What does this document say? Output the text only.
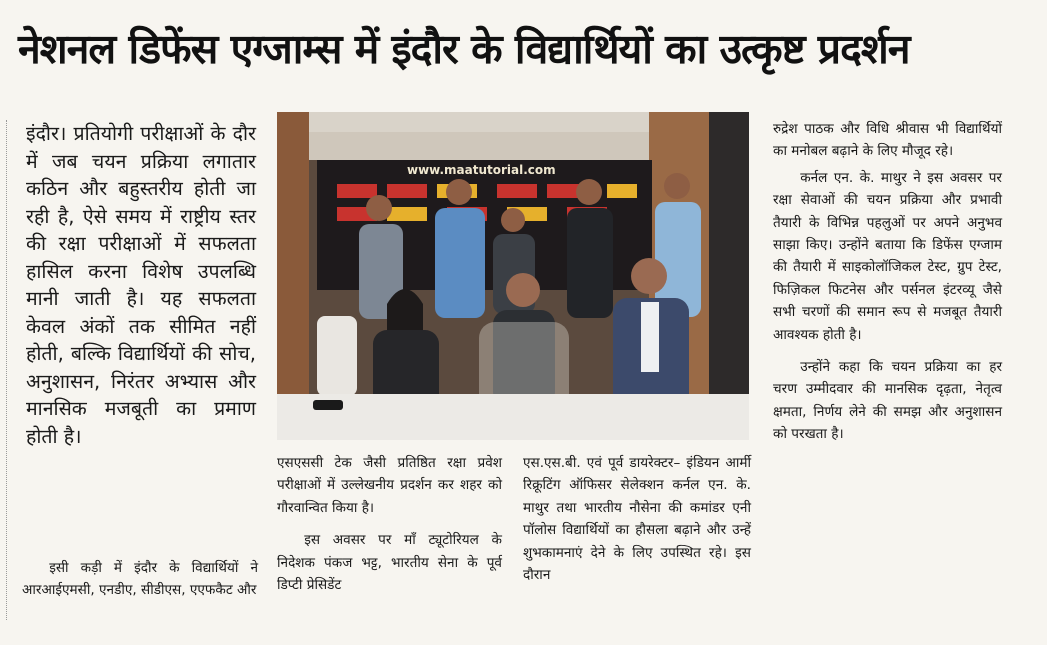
नेशनल डिफेंस एग्जाम्स में इंदौर के विद्यार्थियों का उत्कृष्ट प्रदर्शन

इंदौर। प्रतियोगी परीक्षाओं के दौर में जब चयन प्रक्रिया लगातार कठिन और बहुस्तरीय होती जा रही है, ऐसे समय में राष्ट्रीय स्तर की रक्षा परीक्षाओं में सफलता हासिल करना विशेष उपलब्धि मानी जाती है। यह सफलता केवल अंकों तक सीमित नहीं होती, बल्कि विद्यार्थियों की सोच, अनुशासन, निरंतर अभ्यास और मानसिक मजबूती का प्रमाण होती है।

इसी कड़ी में इंदौर के विद्यार्थियों ने आरआईएमसी, एनडीए, सीडीएस, एएफकैट और

www.maatutorial.com

एसएससी टेक जैसी प्रतिष्ठित रक्षा प्रवेश परीक्षाओं में उल्लेखनीय प्रदर्शन कर शहर को गौरवान्वित किया है।

इस अवसर पर माँ ट्यूटोरियल के निदेशक पंकज भट्ट, भारतीय सेना के पूर्व डिप्टी प्रेसिडेंट

एस.एस.बी. एवं पूर्व डायरेक्टर– इंडियन आर्मी रिक्रूटिंग ऑफिसर सेलेक्शन कर्नल एन. के. माथुर तथा भारतीय नौसेना की कमांडर एनी पॉलोस विद्यार्थियों का हौसला बढ़ाने और उन्हें शुभकामनाएं देने के लिए उपस्थित रहे। इस दौरान

रुद्रेश पाठक और विधि श्रीवास भी विद्यार्थियों का मनोबल बढ़ाने के लिए मौजूद रहे।

कर्नल एन. के. माथुर ने इस अवसर पर रक्षा सेवाओं की चयन प्रक्रिया और प्रभावी तैयारी के विभिन्न पहलुओं पर अपने अनुभव साझा किए। उन्होंने बताया कि डिफेंस एग्जाम की तैयारी में साइकोलॉजिकल टेस्ट, ग्रुप टेस्ट, फिज़िकल फिटनेस और पर्सनल इंटरव्यू जैसे सभी चरणों की समान रूप से मजबूत तैयारी आवश्यक होती है।

उन्होंने कहा कि चयन प्रक्रिया का हर चरण उम्मीदवार की मानसिक दृढ़ता, नेतृत्व क्षमता, निर्णय लेने की समझ और अनुशासन को परखता है।
